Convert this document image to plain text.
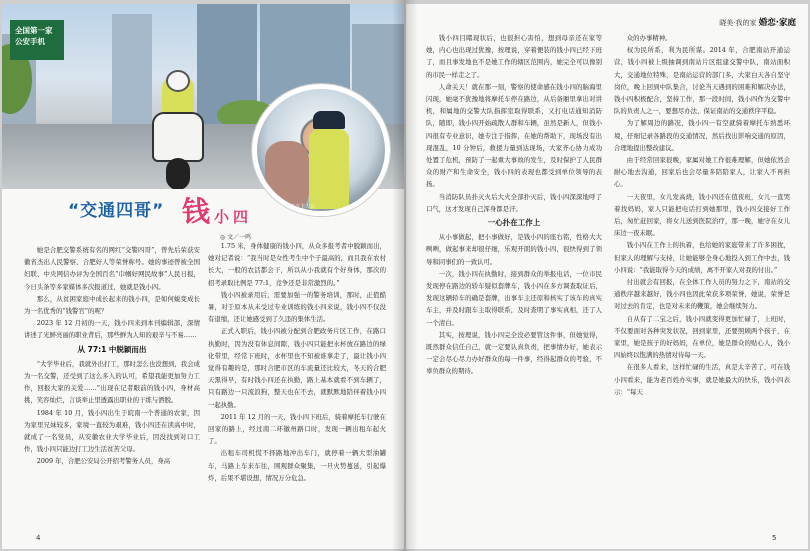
全国第一家公安手机
本文主人公
“交通四哥” 钱 小四
◎ 文／一鸣

她是合肥交警系统有名的网红“交警四哥”，曾先后荣获安徽省杰出人民警察、合肥好人等荣誉称号。她的事迹曾被全国妇联、中央网信办评为全国百名“巾帼好网民故事”人民日报，今日头条等多家媒体多次报道过，她就是钱小四。

那么，从贫困家庭中成长起来的钱小四，是如何蜕变成长为一名优秀的“钱警官”的呢？

2023 年 12 月初的一天，钱小四来到本刊编辑部，深情讲述了光鲜亮丽的职业背后，那些鲜为人知的艰辛与不易……

从 77:1 中脱颖而出

“大学毕业后，我就外出打工，那时怎么也没想到，我会成为一名交警，还受到了这么多人的认可，希望我能更加努力工作，回报大家的关爱……”出现在记者眼前的钱小四，身材高挑，笑容灿烂，言谈举止里透露出职业的干练与洒脱。

1984 年 10 月，钱小四出生于皖南一个普通的农家，因为家里兄妹较多，家境一直较为艰难，钱小四还在读高中时，就成了一名党员，从安徽农业大学毕业后，因没找到对口工作，钱小四只能边打工边生活贫苦父母。

2009 年，合肥公安局公开招考警务人员，身高

1.75 米，身体健康的钱小四，从众多报考者中脱颖而出，她对记者说：“我当时是女性考生中个子最高的，而且我在农村长大，一般的农活都会干，所以从小我就有个好身体，那次的招考录取比例是 77:1，竞争还是非常激烈的。”

钱小四被录用后，需要加强一的警务培训，那时，正值酷暑，对于原本从未受过专业训练的钱小四来说，钱小四不仅没有退缩，还让她感受到了久违的集体生活。

正式入职后，钱小四被分配到合肥政务片区工作，在路口执勤时，因为没有休息间隙，钱小四只能把水杯放在路边的绿化带里，经常下班时，水杯里也不知被谁拿走了，最让钱小四觉得有趣的是，那时合肥市区的车流量还比较大，冬天的合肥天黑得早，有时钱小四还在执勤，路上基本就看不到车辆了，只有路边一只流浪狗，整天也在不去，就默默地陪伴着钱小四一起执勤。

2011 年 12 月的一天，钱小四下班后，骑着摩托车行驶在回家的路上，经过南二环徽州路口时，发现一辆出租车起火了。

出租车司机慌不择路地冲出车门，就停着一辆大型油罐车，马路上车来车往，围观群众聚集，一旦火势蔓延，引起爆炸，后果不堪设想，情况万分危急。

4
晓美·我的家 婚恋·家庭

钱小四目睹现状后，也很担心害怕，想到母亲还在家等她，内心也出现过犹豫，按理说，穿着便装的钱小四已经下班了，而且事发地也不是她工作的辖区范围内，她完全可以像别的市民一样走之了。

人命关天！就在那一刻，警察的使命感在钱小四的脑海里闪现，她毫不犹豫地将摩托车停在路边，从后备厢里拿出对讲机，和属地的交警大队指挥室取得联系，又打电话通知消防队，随即，钱小四开始疏散人群和车辆，虽然是新人，但钱小四很有专业意识，她专注于指挥，在她的帮助下，现场没有出现混乱，10 分钟后，救援力量到达现场，大家齐心协力成功处置了危机，预防了一起重大事故的发生，及时保护了人民群众的财产和生命安全，钱小四的表现也都受到单位领导的表扬。

当消防队员扑灭火后大火全部扑灭后，钱小四深深地呼了口气，这才发现自己浑身都是汗。

一心扑在工作上

从小事做起，把小事做好，是钱小四的座右铭，性格大大咧咧，做起事来却很仔细，乐观开朗的钱小四，很快得到了领导和同事们的一致认可。

一次，钱小四在执勤时，接到群众的举报电话，一位市民发现停在路边的轿车疑似套牌车，钱小四在多方调查取证后，发现这辆轿车的确是套牌，出事车主还原和核实了该车的真实车主，并及时跟车主取得联系，及时查明了事实真相，还了人一个清白。

其实，按理说，钱小四完全没必要管这件事，但她觉得，既然群众信任自己，就一定要认真负责，把事情办好，她表示一定会尽心尽力办好群众的每一件事，经得起群众的考验，不辜负群众的期待。

众的办事精神。

权为民所系，利为民所谋。2014 年，合肥南站开通运营，钱小四被上级抽调到南站片区组建交警中队，南站面积大，交通地位特殊，是南站运营的部门多，大家白天各自坚守岗位，晚上回到中队集合，讨论当天遇到的困难和解决办法，钱小四积极配合，坚持工作，那一段时间，钱小四作为交警中队的负责人之一，要想尽办法，保证南站的交通秩序平稳。

为了解周边的路况，钱小四一有空就骑着摩托车熟悉环境，仔细记录各路段的交通情况，然后找出影响交通的原因，合理地提出整改建议。

由于经常回家很晚，家属对她工作很难理解，但她依然会耐心地去沟通，回家后也会尽量多陪陪家人，让家人不再担心。

一天夜里，女儿发高烧，钱小四还在值夜班，女儿一直哭着找妈妈，家人只能把电话打到她那里，钱小四交接好工作后，匆忙赶回家，将女儿送到医院治疗，那一晚，她守在女儿床边一夜未眠。

钱小四在工作上的执着，也给她的家庭带来了许多困扰，但家人的理解与支持，让她能够全身心地投入到工作中去，钱小四说：“我能取得今天的成绩，离不开家人对我的付出。”

付出就会有回报，在全体工作人员的努力之下，南站的交通秩序越来越好，钱小四也因此荣获多项荣誉，她说，荣誉是对过去的肯定，也是对未来的鞭策，她会继续努力。

自从有了二宝之后，钱小四就变得更加忙碌了，上班时，不仅要面对各种突发状况，回到家里，还要照顾两个孩子，在家里，她是孩子的好妈妈，在单位，她是群众的贴心人，钱小四始终以饱满的热情对待每一天。

在很多人看来，这样忙碌的生活，真是太辛苦了，可在钱小四看来，能为老百姓办实事，就是她最大的快乐，钱小四表示：“每天

5
